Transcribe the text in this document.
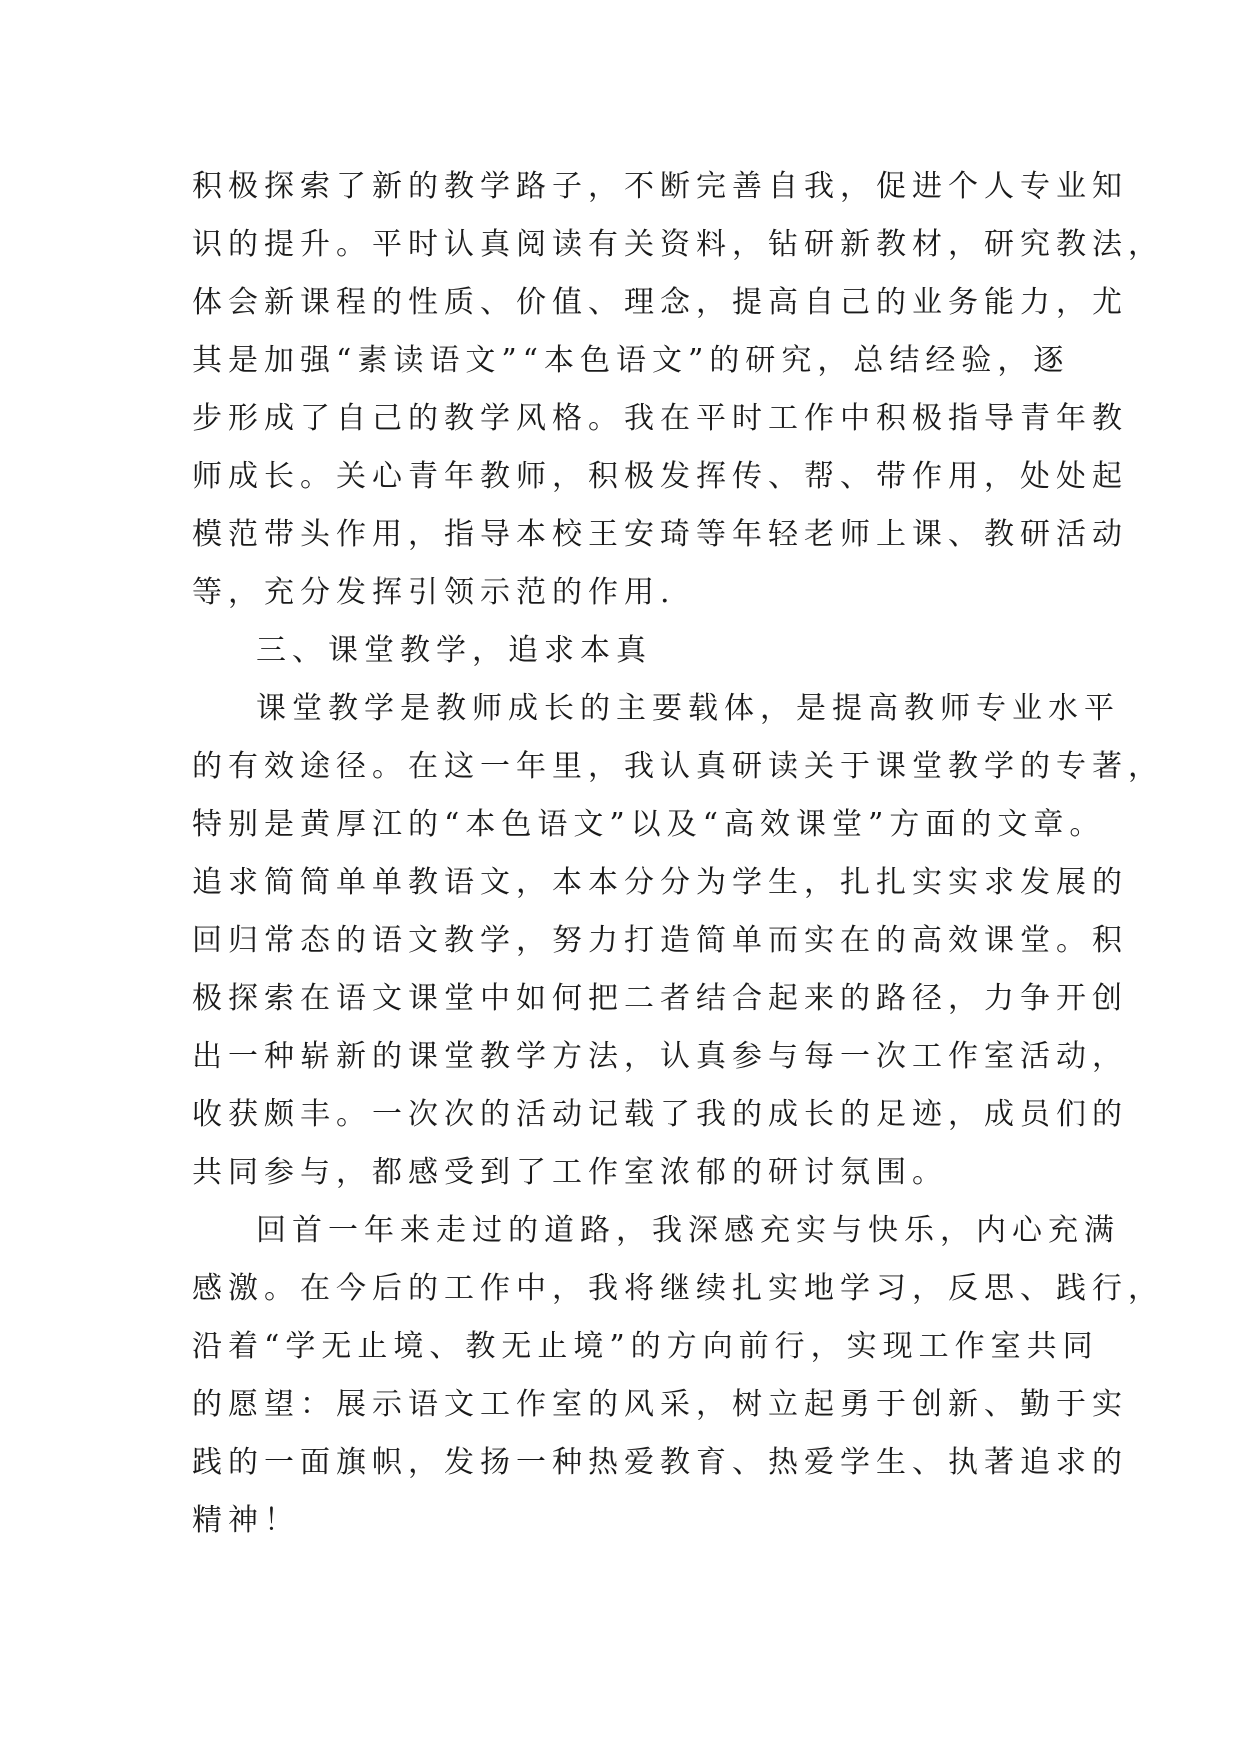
积极探索了新的教学路子，不断完善自我，促进个人专业知
识的提升。平时认真阅读有关资料，钻研新教材，研究教法，
体会新课程的性质、价值、理念，提高自己的业务能力，尤
其是加强“素读语文”“本色语文”的研究，总结经验，逐
步形成了自己的教学风格。我在平时工作中积极指导青年教
师成长。关心青年教师，积极发挥传、帮、带作用，处处起
模范带头作用，指导本校王安琦等年轻老师上课、教研活动
等，充分发挥引领示范的作用.
三、课堂教学，追求本真
课堂教学是教师成长的主要载体，是提高教师专业水平
的有效途径。在这一年里，我认真研读关于课堂教学的专著，
特别是黄厚江的“本色语文”以及“高效课堂”方面的文章。
追求简简单单教语文，本本分分为学生，扎扎实实求发展的
回归常态的语文教学，努力打造简单而实在的高效课堂。积
极探索在语文课堂中如何把二者结合起来的路径，力争开创
出一种崭新的课堂教学方法，认真参与每一次工作室活动，
收获颇丰。一次次的活动记载了我的成长的足迹，成员们的
共同参与，都感受到了工作室浓郁的研讨氛围。
回首一年来走过的道路，我深感充实与快乐，内心充满
感激。在今后的工作中，我将继续扎实地学习，反思、践行，
沿着“学无止境、教无止境”的方向前行，实现工作室共同
的愿望：展示语文工作室的风采，树立起勇于创新、勤于实
践的一面旗帜，发扬一种热爱教育、热爱学生、执著追求的
精神！
